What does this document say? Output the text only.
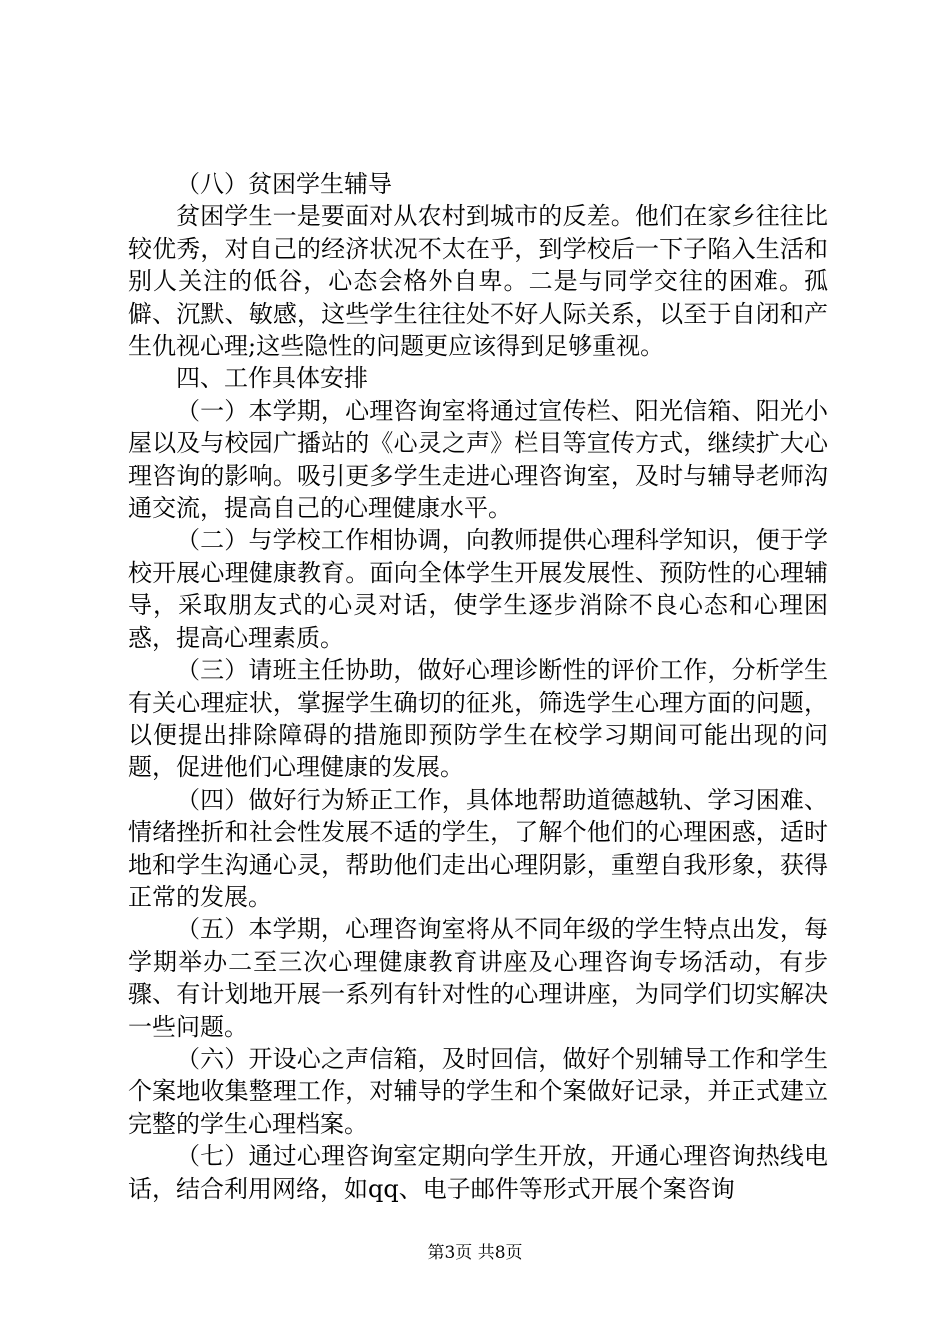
（八）贫困学生辅导

贫困学生一是要面对从农村到城市的反差。他们在家乡往往比较优秀，对自己的经济状况不太在乎，到学校后一下子陷入生活和别人关注的低谷，心态会格外自卑。二是与同学交往的困难。孤僻、沉默、敏感，这些学生往往处不好人际关系，以至于自闭和产生仇视心理;这些隐性的问题更应该得到足够重视。

四、工作具体安排

（一）本学期，心理咨询室将通过宣传栏、阳光信箱、阳光小屋以及与校园广播站的《心灵之声》栏目等宣传方式，继续扩大心理咨询的影响。吸引更多学生走进心理咨询室，及时与辅导老师沟通交流，提高自己的心理健康水平。

（二）与学校工作相协调，向教师提供心理科学知识，便于学校开展心理健康教育。面向全体学生开展发展性、预防性的心理辅导，采取朋友式的心灵对话，使学生逐步消除不良心态和心理困惑，提高心理素质。

（三）请班主任协助，做好心理诊断性的评价工作，分析学生有关心理症状，掌握学生确切的征兆，筛选学生心理方面的问题，以便提出排除障碍的措施即预防学生在校学习期间可能出现的问题，促进他们心理健康的发展。

（四）做好行为矫正工作，具体地帮助道德越轨、学习困难、情绪挫折和社会性发展不适的学生，了解个他们的心理困惑，适时地和学生沟通心灵，帮助他们走出心理阴影，重塑自我形象，获得正常的发展。

（五）本学期，心理咨询室将从不同年级的学生特点出发，每学期举办二至三次心理健康教育讲座及心理咨询专场活动，有步骤、有计划地开展一系列有针对性的心理讲座，为同学们切实解决一些问题。

（六）开设心之声信箱，及时回信，做好个别辅导工作和学生个案地收集整理工作，对辅导的学生和个案做好记录，并正式建立完整的学生心理档案。

（七）通过心理咨询室定期向学生开放，开通心理咨询热线电话，结合利用网络，如qq、电子邮件等形式开展个案咨询

第3页 共8页
